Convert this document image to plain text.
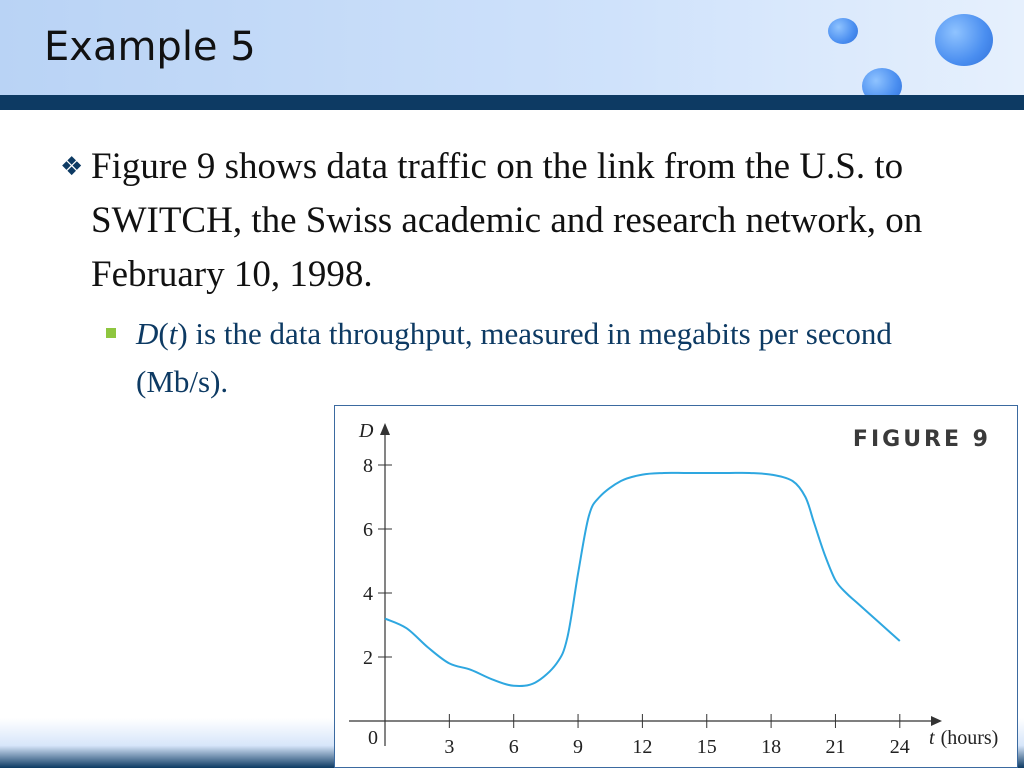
Example 5
❖ Figure 9 shows data traffic on the link from the U.S. to SWITCH, the Swiss academic and research network, on February 10, 1998.
D(t) is the data throughput, measured in megabits per second (Mb/s).
FIGURE 9
D
t (hours)
0	3	6	9 12 15 18 21 24
2
4
6
8
